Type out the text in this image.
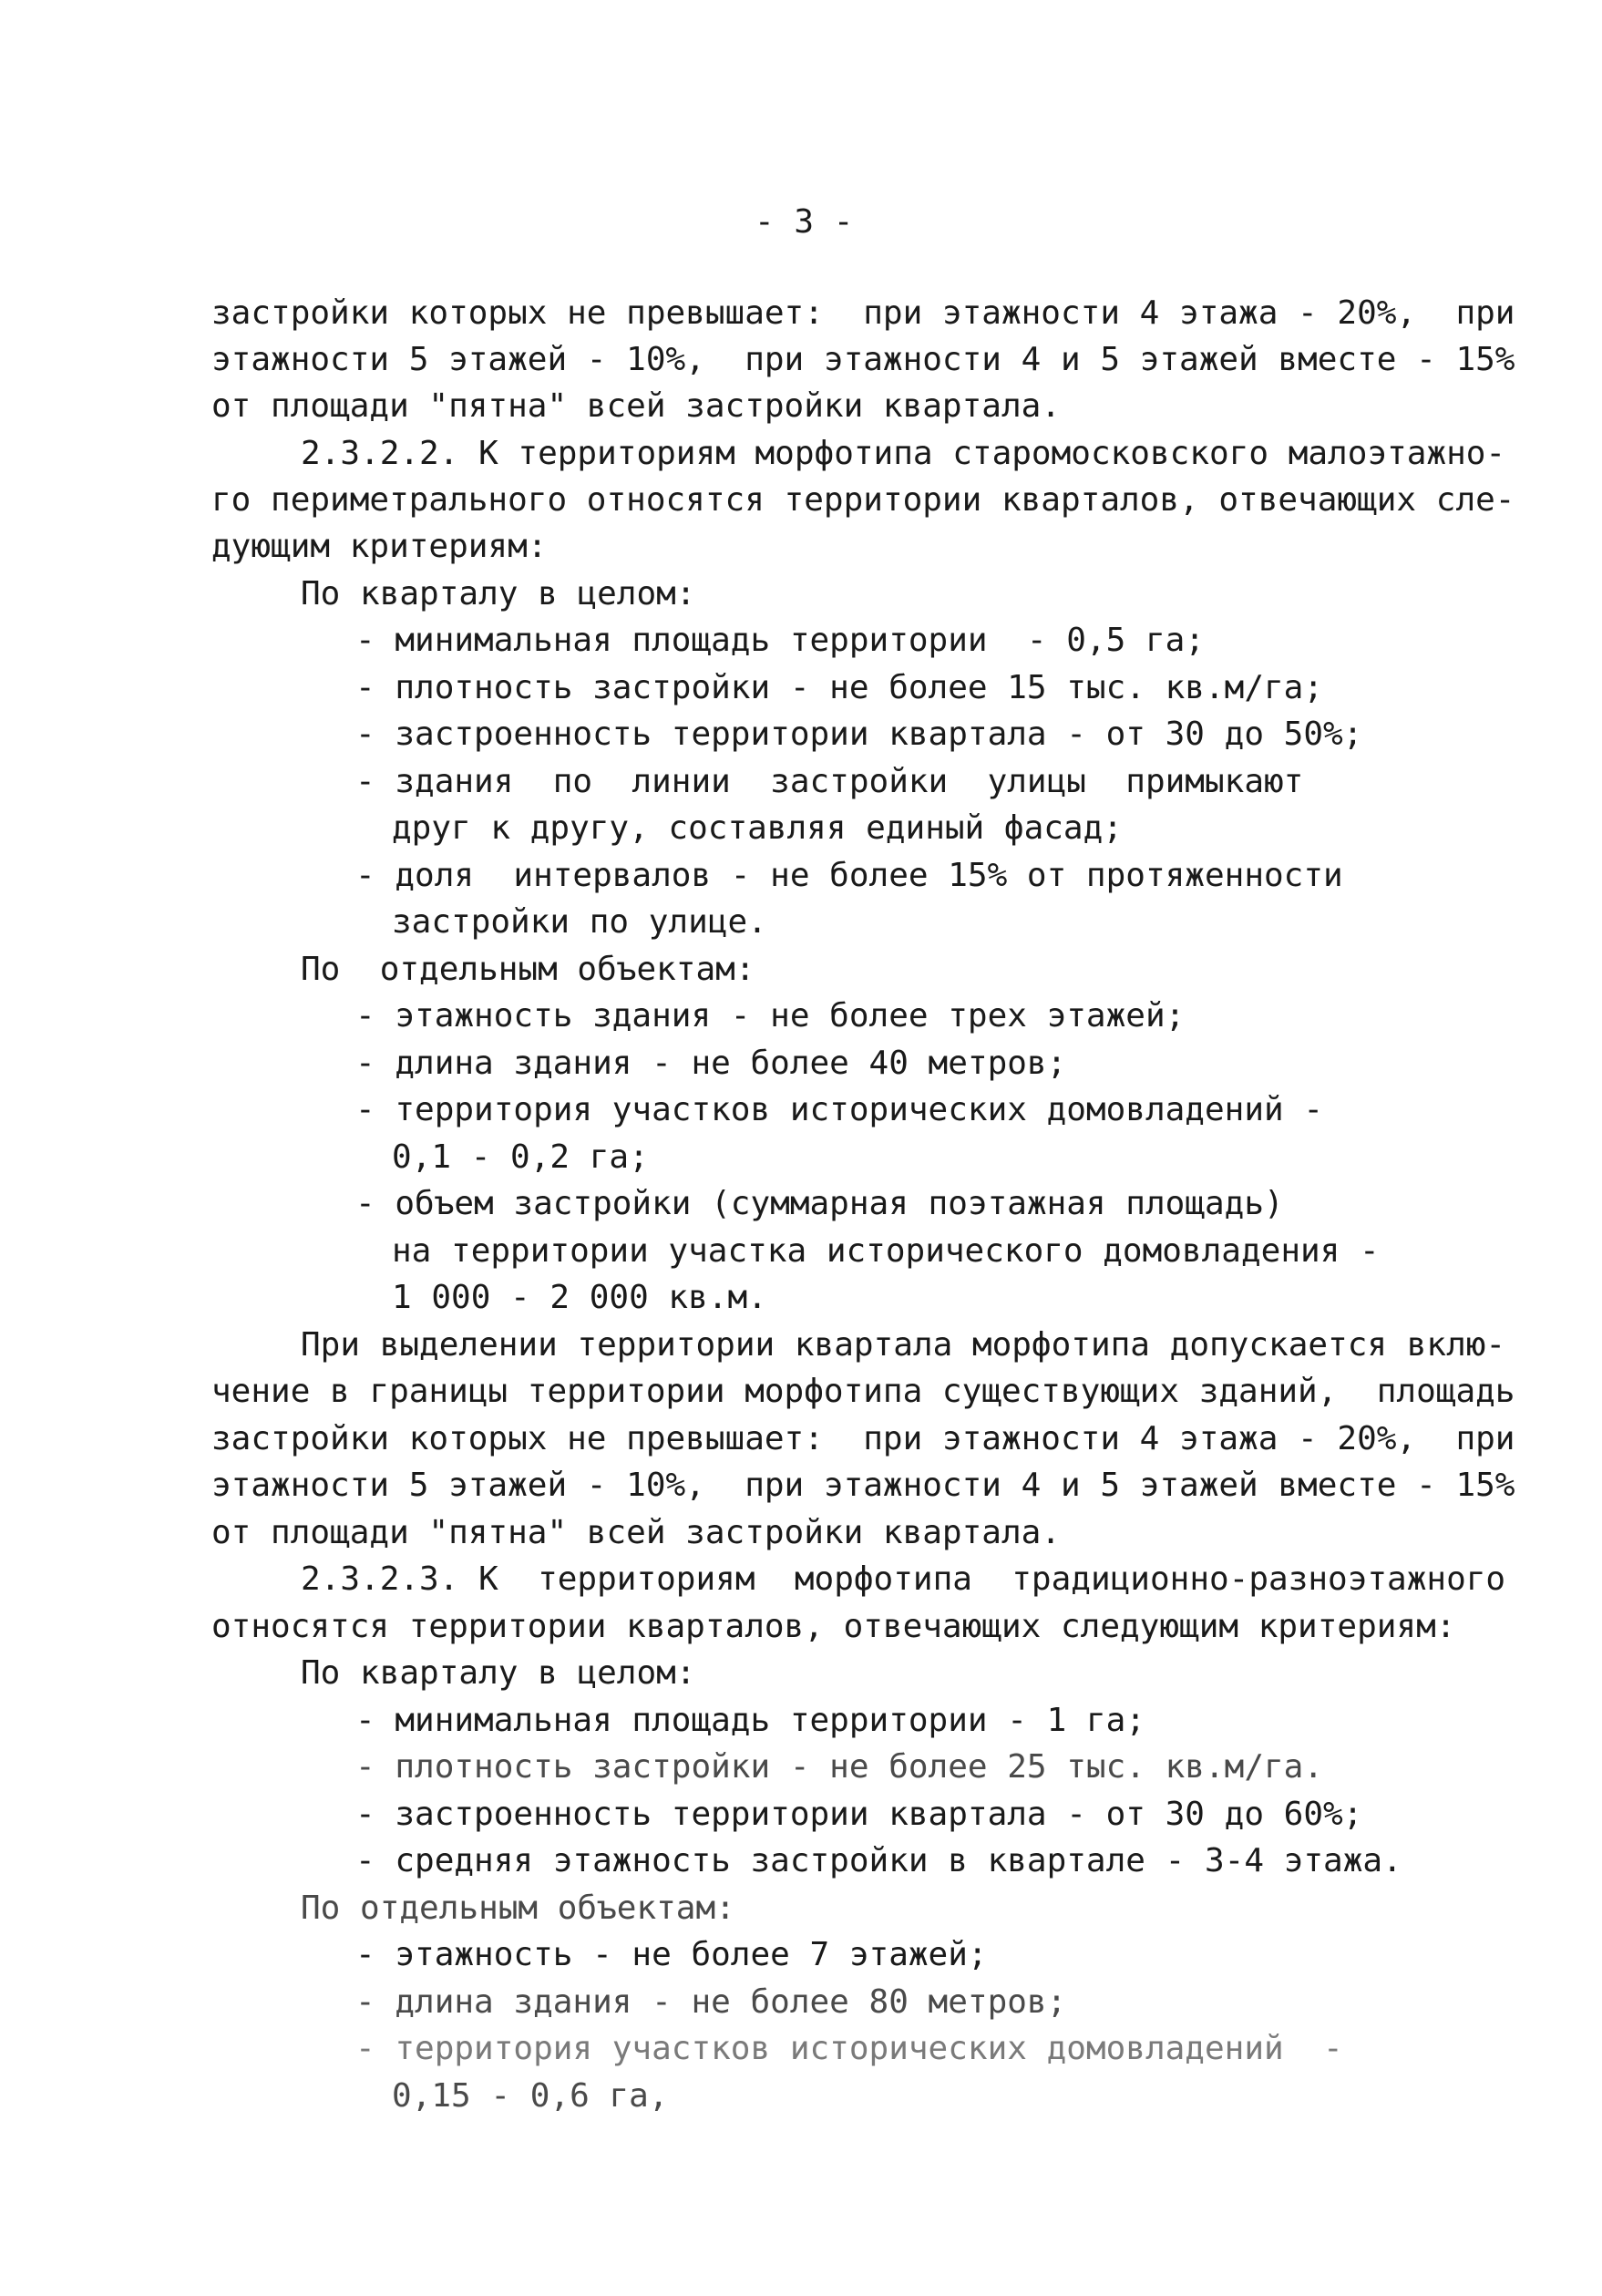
- 3 -
застройки которых не превышает:  при этажности 4 этажа - 20%,  при
этажности 5 этажей - 10%,  при этажности 4 и 5 этажей вместе - 15%
от площади "пятна" всей застройки квартала.
2.3.2.2. К территориям морфотипа старомосковского малоэтажно-
го периметрального относятся территории кварталов, отвечающих сле-
дующим критериям:
По кварталу в целом:
- минимальная площадь территории  - 0,5 га;
- плотность застройки - не более 15 тыс. кв.м/га;
- застроенность территории квартала - от 30 до 50%;
- здания  по  линии  застройки  улицы  примыкают
друг к другу, составляя единый фасад;
- доля  интервалов - не более 15% от протяженности
застройки по улице.
По  отдельным объектам:
- этажность здания - не более трех этажей;
- длина здания - не более 40 метров;
- территория участков исторических домовладений -
0,1 - 0,2 га;
- объем застройки (суммарная поэтажная площадь)
на территории участка исторического домовладения -
1 000 - 2 000 кв.м.
При выделении территории квартала морфотипа допускается вклю-
чение в границы территории морфотипа существующих зданий,  площадь
застройки которых не превышает:  при этажности 4 этажа - 20%,  при
этажности 5 этажей - 10%,  при этажности 4 и 5 этажей вместе - 15%
от площади "пятна" всей застройки квартала.
2.3.2.3. К  территориям  морфотипа  традиционно-разноэтажного
относятся территории кварталов, отвечающих следующим критериям:
По кварталу в целом:
- минимальная площадь территории - 1 га;
- плотность застройки - не более 25 тыс. кв.м/га.
- застроенность территории квартала - от 30 до 60%;
- средняя этажность застройки в квартале - 3-4 этажа.
По отдельным объектам:
- этажность - не более 7 этажей;
- длина здания - не более 80 метров;
- территория участков исторических домовладений  -
0,15 - 0,6 га,
